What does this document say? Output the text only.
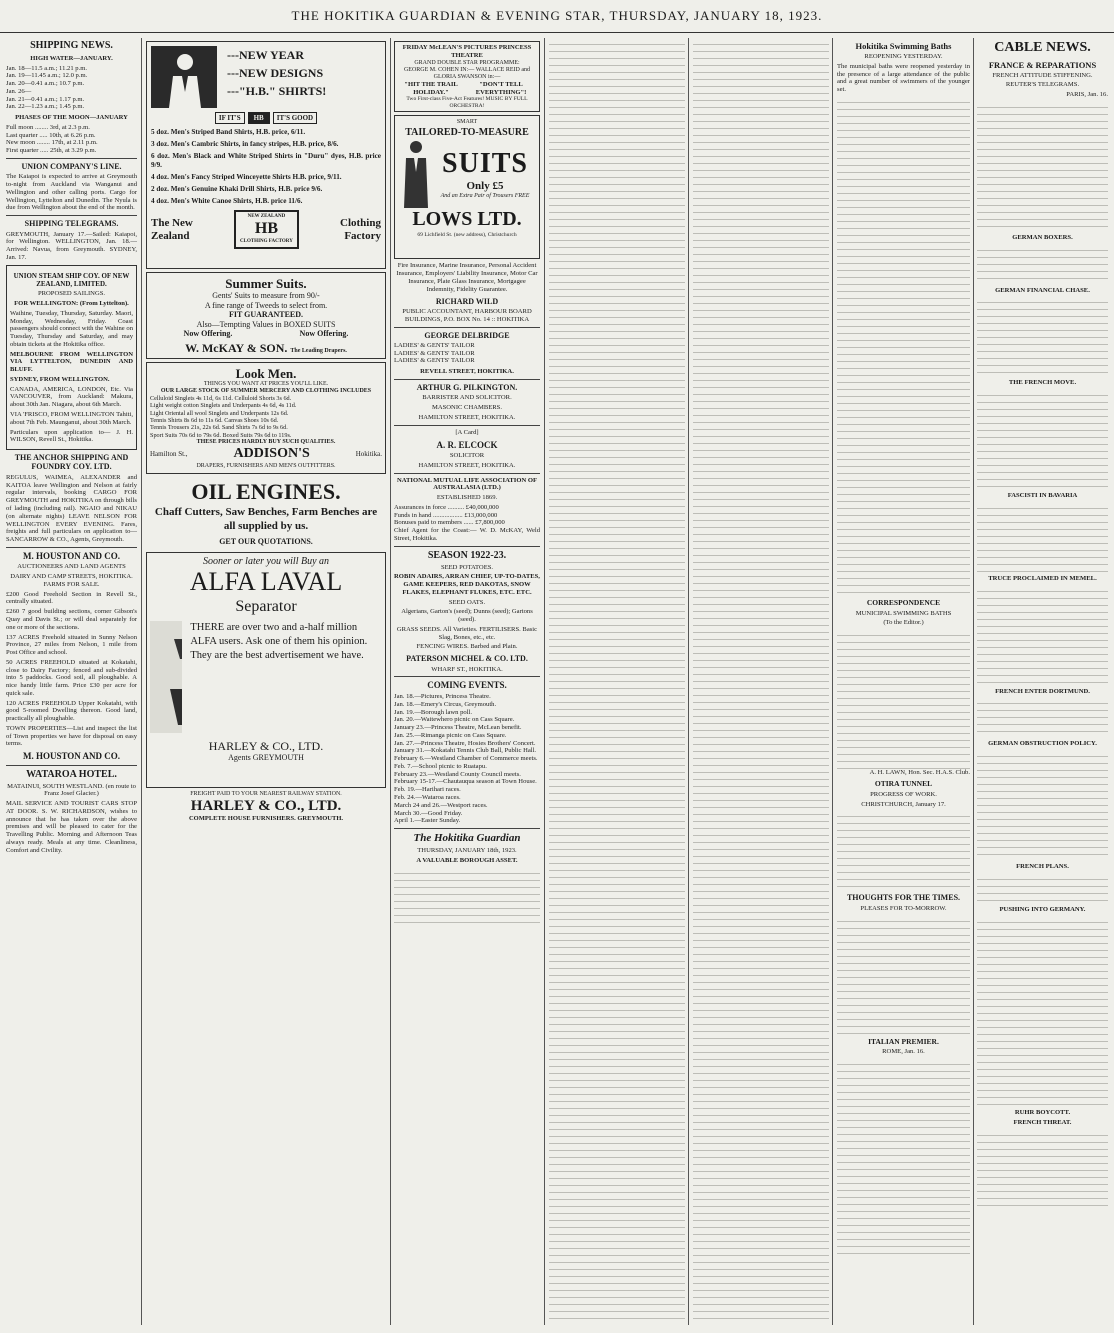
THE HOKITIKA GUARDIAN & EVENING STAR, THURSDAY, JANUARY 18, 1923.
SHIPPING NEWS.
HIGH WATER—JANUARY.
Jan. 18—11.5 a.m.; 11.21 p.m.
Jan. 19—11.45 a.m.; 12.0 p.m.
Jan. 20—0.41 a.m.; 10.7 p.m.
Jan. 26—
Jan. 21—0.41 a.m.; 1.17 p.m.
Jan. 22—1.23 a.m.; 1.45 p.m.
PHASES OF THE MOON—JANUARY
Full moon ........ 3rd, at 2.3 p.m.
Last quarter ..... 10th, at 6.26 p.m.
New moon ........ 17th, at 2.11 p.m.
First quarter ..... 25th, at 3.29 p.m.
UNION COMPANY'S LINE.

The Kaiapoi is expected to arrive at Greymouth to-night from Auckland via Wanganui and Wellington and other calling ports. Cargo for Wellington, Lyttelton and Dunedin. The Nyula is due from Wellington about the end of the month.

SHIPPING TELEGRAMS.

GREYMOUTH, January 17.—Sailed: Kaiapoi, for Wellington. WELLINGTON, Jan. 18.—Arrived: Navua, from Greymouth. SYDNEY, Jan. 17.

UNION STEAM SHIP COY. OF NEW ZEALAND, LIMITED.

PROPOSED SAILINGS.

FOR WELLINGTON: (From Lyttelton).

Waihine, Tuesday, Thursday, Saturday. Maori, Monday, Wednesday, Friday. Coast passengers should connect with the Wahine on Tuesday, Thursday and Saturday, and may obtain tickets at the Hokitika office.

MELBOURNE FROM WELLINGTON VIA LYTTELTON, DUNEDIN AND BLUFF.

SYDNEY, FROM WELLINGTON.

CANADA, AMERICA, LONDON, Etc. Via VANCOUVER, from Auckland: Makura, about 30th Jan. Niagara, about 6th March.

VIA 'FRISCO, FROM WELLINGTON Tahiti, about 7th Feb. Maunganui, about 30th March.

Particulars upon application to— J. H. WILSON, Revell St., Hokitika.

THE ANCHOR SHIPPING AND FOUNDRY COY. LTD.

REGULUS, WAIMEA, ALEXANDER and KAITOA leave Wellington and Nelson at fairly regular intervals, booking CARGO FOR GREYMOUTH and HOKITIKA on through bills of lading (including rail). NGAIO and NIKAU (on alternate nights) LEAVE NELSON FOR WELLINGTON EVERY EVENING. Fares, freights and full particulars on application to— SANCARROW & CO., Agents, Greymouth.

M. HOUSTON AND CO.

AUCTIONEERS AND LAND AGENTS

DAIRY AND CAMP STREETS, HOKITIKA. FARMS FOR SALE.

£200 Good Freehold Section in Revell St., centrally situated.

£260 7 good building sections, corner Gibson's Quay and Davis St.; or will deal separately for one or more of the sections.

137 ACRES Freehold situated in Sunny Nelson Province, 27 miles from Nelson, 1 mile from Post Office and school.

50 ACRES FREEHOLD situated at Kokatahi, close to Dairy Factory; fenced and sub-divided into 5 paddocks. Good soil, all ploughable. A nice handy little farm. Price £30 per acre for quick sale.

120 ACRES FREEHOLD Upper Kokatahi, with good 5-roomed Dwelling thereon. Good land, practically all ploughable.

TOWN PROPERTIES—List and inspect the list of Town properties we have for disposal on easy terms.

M. HOUSTON AND CO.
WATAROA HOTEL.

MATAINUI, SOUTH WESTLAND. (en route to Franz Josef Glacier.)

MAIL SERVICE AND TOURIST CARS STOP AT DOOR. S. W. RICHARDSON, wishes to announce that he has taken over the above premises and will be pleased to cater for the Travelling Public. Morning and Afternoon Teas always ready. Meals at any time. Cleanliness, Comfort and Civility.

---NEW YEAR
---NEW DESIGNS
---"H.B." SHIRTS!
IF IT'S	HB	IT'S GOOD

5 doz. Men's Striped Band Shirts, H.B. price, 6/11.

3 doz. Men's Cambric Shirts, in fancy stripes, H.B. price, 8/6.

6 doz. Men's Black and White Striped Shirts in "Duru" dyes, H.B. price 9/9.

4 doz. Men's Fancy Striped Winceyette Shirts H.B. price, 9/11.

2 doz. Men's Genuine Khaki Drill Shirts, H.B. price 9/6.

4 doz. Men's White Canoe Shirts, H.B. price 11/6.

The New
Zealand
NEW ZEALAND
HB
CLOTHING FACTORY
Clothing
Factory
Summer Suits.
Gents' Suits to measure from 90/-
A fine range of Tweeds to select from.
FIT GUARANTEED.
Also—Tempting Values in BOXED SUITS
Now Offering.	Now Offering.
W. McKAY & SON. The Leading Drapers.
Look Men.
THINGS YOU WANT AT PRICES YOU'LL LIKE.
OUR LARGE STOCK OF SUMMER MERCERY AND CLOTHING INCLUDES
Celluloid Singlets 4s 11d, 6s 11d. Celluloid Shorts 3s 6d.
Light weight cotton Singlets and Underpants 4s 6d, 4s 11d.
Light Oriental all wool Singlets and Underpants 12s 6d.
Tennis Shirts 8s 6d to 11s 6d. Canvas Shoes 10s 6d.
Tennis Trousers 21s, 22s 6d. Sand Shirts 7s 6d to 9s 6d.
Sport Suits 70s 6d to 79s 6d. Boxed Suits 79s 6d to 119s.
THESE PRICES HARDLY BUY SUCH QUALITIES.
Hamilton St.,	ADDISON'S	Hokitika.
DRAPERS, FURNISHERS AND MEN'S OUTFITTERS.
OIL ENGINES.
Chaff Cutters, Saw Benches, Farm Benches are all supplied by us.
GET OUR QUOTATIONS.
Sooner or later you will Buy an
ALFA LAVAL
Separator
THERE are over two and a-half million ALFA users. Ask one of them his opinion. They are the best advertisement we have.
HARLEY & CO., LTD.
Agents GREYMOUTH
FREIGHT PAID TO YOUR NEAREST RAILWAY STATION.
HARLEY & CO., LTD.
COMPLETE HOUSE FURNISHERS. GREYMOUTH.
FRIDAY McLEAN'S PICTURES PRINCESS THEATRE
GRAND DOUBLE STAR PROGRAMME:
GEORGE M. COHEN IN:— WALLACE REID and GLORIA SWANSON in:—
"HIT THE TRAIL HOLIDAY."
"DON'T TELL EVERYTHING"!
Two First-class Five-Act Features! MUSIC BY FULL ORCHESTRA!
SMART
TAILORED-TO-MEASURE
SUITS
Only £5
And an Extra Pair of Trousers FREE
LOWS LTD.
69 Lichfield St. (new address), Christchurch

Fire Insurance, Marine Insurance, Personal Accident Insurance, Employers' Liability Insurance, Motor Car Insurance, Plate Glass Insurance, Mortgagee Indemnity, Fidelity Guarantee.

RICHARD WILD

PUBLIC ACCOUNTANT, HARBOUR BOARD BUILDINGS, P.O. BOX No. 14 :: HOKITIKA

GEORGE DELBRIDGE
LADIES' & GENTS' TAILOR
LADIES' & GENTS' TAILOR
LADIES' & GENTS' TAILOR
REVELL STREET, HOKITIKA.
ARTHUR G. PILKINGTON.

BARRISTER AND SOLICITOR.

MASONIC CHAMBERS.

HAMILTON STREET, HOKITIKA.

[A Card]

A. R. ELCOCK

SOLICITOR

HAMILTON STREET, HOKITIKA.

NATIONAL MUTUAL LIFE ASSOCIATION OF AUSTRALASIA (LTD.)

ESTABLISHED 1869.

Assurances in force .......... £40,000,000
Funds in hand .................. £13,000,000
Bonuses paid to members ...... £7,800,000

Chief Agent for the Coast:— W. D. McKAY, Weld Street, Hokitika.

SEASON 1922-23.

SEED POTATOES.

ROBIN ADAIRS, ARRAN CHIEF, UP-TO-DATES, GAME KEEPERS, RED DAKOTAS, SNOW FLAKES, ELEPHANT FLUKES, ETC. ETC.

SEED OATS.

Algerians, Garton's (seed); Dunns (seed); Gartons (seed).

GRASS SEEDS. All Varieties. FERTILISERS. Basic Slag, Bones, etc., etc.

FENCING WIRES. Barbed and Plain.

PATERSON MICHEL & CO. LTD.

WHARF ST., HOKITIKA.

COMING EVENTS.
Jan. 18.—Pictures, Princess Theatre.
Jan. 18.—Emery's Circus, Greymouth.
Jan. 19.—Borough lawn poll.
Jan. 20.—Waitewhero picnic on Cass Square.
January 23.—Princess Theatre, McLean benefit.
Jan. 25.—Rimanga picnic on Cass Square.
Jan. 27.—Princess Theatre, Hosies Brothers' Concert.
January 31.—Kokatahi Tennis Club Ball, Public Hall.
February 6.—Westland Chamber of Commerce meets.
Feb. 7.—School picnic to Ruatapu.
February 23.—Westland County Council meets.
February 15-17.—Chautauqua season at Town House.
Feb. 19.—Harihari races.
Feb. 24.—Wataroa races.
March 24 and 26.—Westport races.
March 30.—Good Friday.
April 1.—Easter Sunday.
The Hokitika Guardian

THURSDAY, JANUARY 18th, 1923.

A VALUABLE BOROUGH ASSET.

Hokitika Swimming Baths

REOPENING YESTERDAY.

The municipal baths were reopened yesterday in the presence of a large attendance of the public and a great number of swimmers of the younger set.

CORRESPONDENCE

MUNICIPAL SWIMMING BATHS

(To the Editor.)

A. H. LAWN, Hon. Sec. H.A.S. Club.

OTIRA TUNNEL

PROGRESS OF WORK.

CHRISTCHURCH, January 17.

THOUGHTS FOR THE TIMES.

PLEASES FOR TO-MORROW.

ITALIAN PREMIER.

ROME, Jan. 16.

CABLE NEWS.
FRANCE & REPARATIONS

FRENCH ATTITUDE STIFFENING.

REUTER'S TELEGRAMS.

PARIS, Jan. 16.

GERMAN BOXERS.
GERMAN FINANCIAL CHASE.
THE FRENCH MOVE.
FASCISTI IN BAVARIA
TRUCE PROCLAIMED IN MEMEL.
FRENCH ENTER DORTMUND.
GERMAN OBSTRUCTION POLICY.
FRENCH PLANS.
PUSHING INTO GERMANY.
RUHR BOYCOTT.
FRENCH THREAT.
